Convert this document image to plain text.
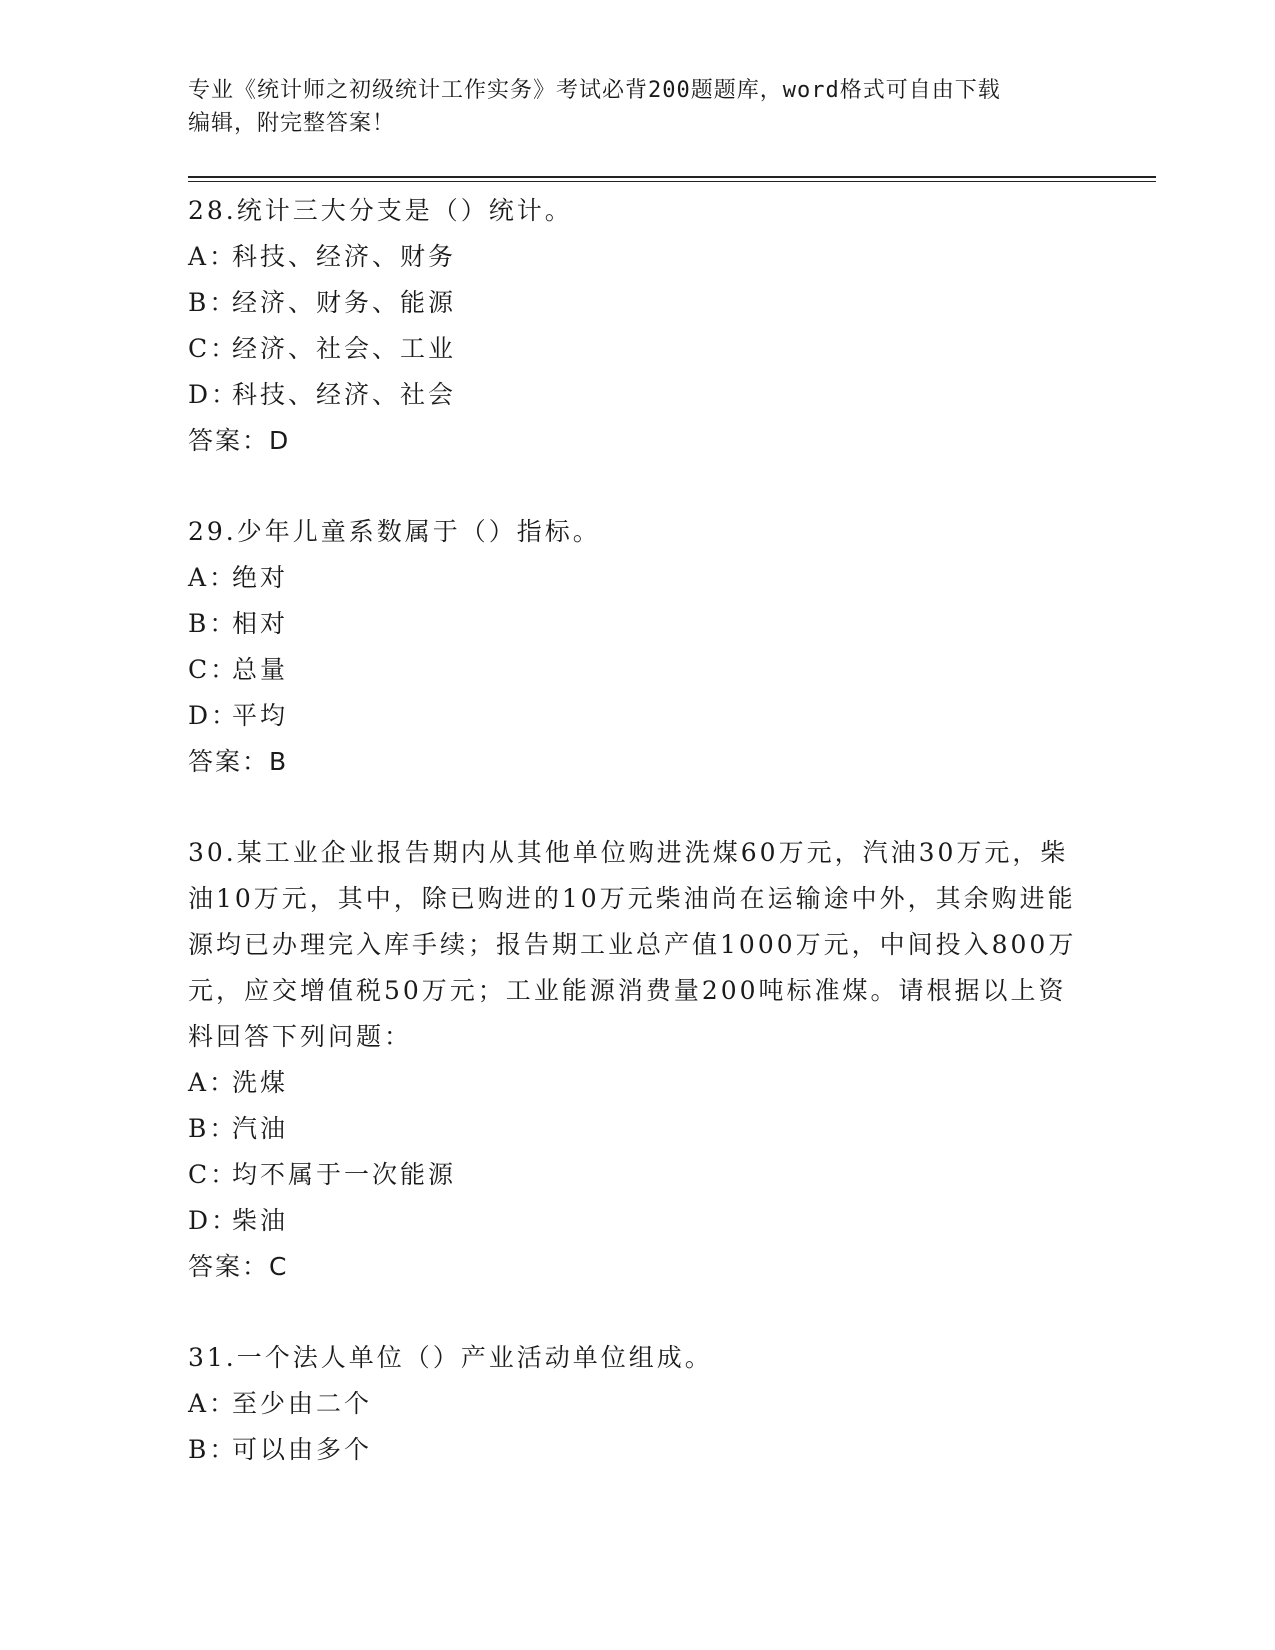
专业《统计师之初级统计工作实务》考试必背200题题库，word格式可自由下载
编辑，附完整答案！
28.统计三大分支是（）统计。
A：科技、经济、财务
B：经济、财务、能源
C：经济、社会、工业
D：科技、经济、社会
答案：D
29.少年儿童系数属于（）指标。
A：绝对
B：相对
C：总量
D：平均
答案：B
30.某工业企业报告期内从其他单位购进洗煤60万元，汽油30万元，柴油10万元，其中，除已购进的10万元柴油尚在运输途中外，其余购进能源均已办理完入库手续；报告期工业总产值1000万元，中间投入800万元，应交增值税50万元；工业能源消费量200吨标准煤。请根据以上资料回答下列问题：
A：洗煤
B：汽油
C：均不属于一次能源
D：柴油
答案：C
31.一个法人单位（）产业活动单位组成。
A：至少由二个
B：可以由多个
